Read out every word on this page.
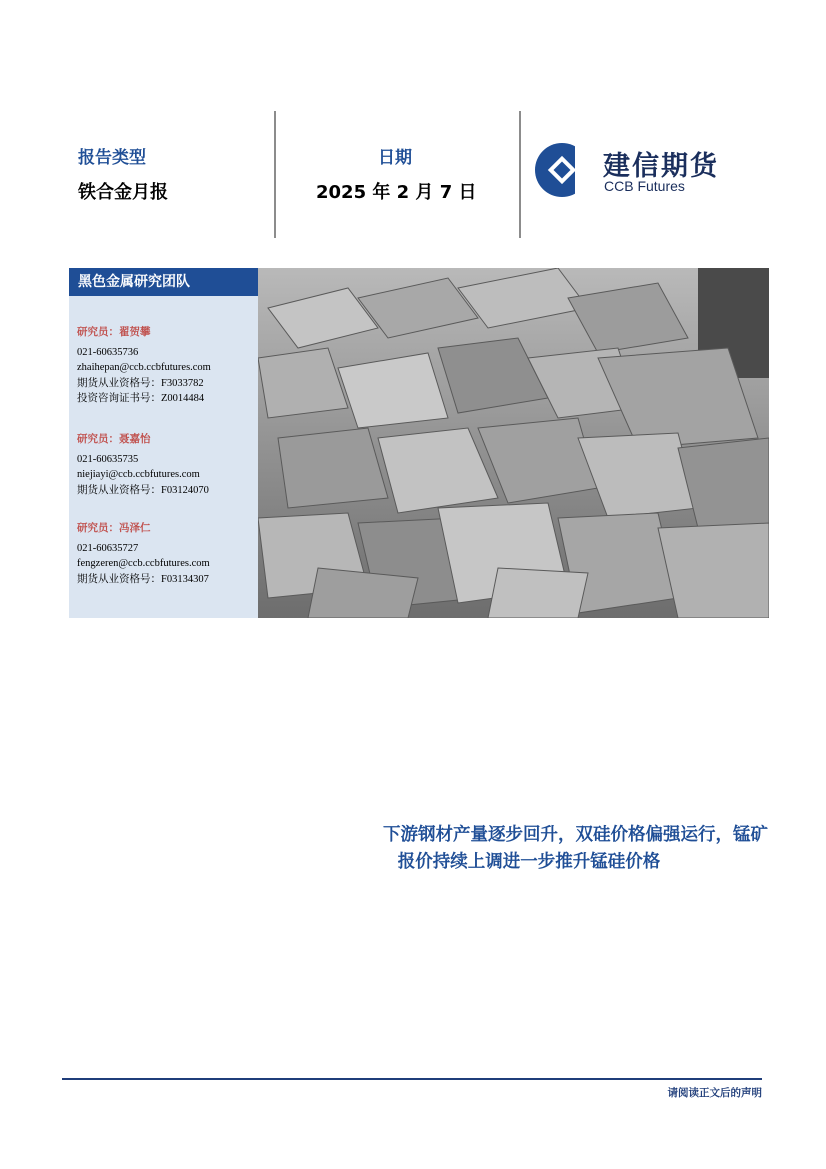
报告类型
铁合金月报
日期
2025 年 2 月 7 日
建信期货
CCB Futures
黑色金属研究团队
研究员：翟贺攀
021-60635736
zhaihepan@ccb.ccbfutures.com
期货从业资格号：F3033782
投资咨询证书号：Z0014484
研究员：聂嘉怡
021-60635735
niejiayi@ccb.ccbfutures.com
期货从业资格号：F03124070
研究员：冯泽仁
021-60635727
fengzeren@ccb.ccbfutures.com
期货从业资格号：F03134307
下游钢材产量逐步回升，双硅价格偏强运行，锰矿
报价持续上调进一步推升锰硅价格
请阅读正文后的声明
